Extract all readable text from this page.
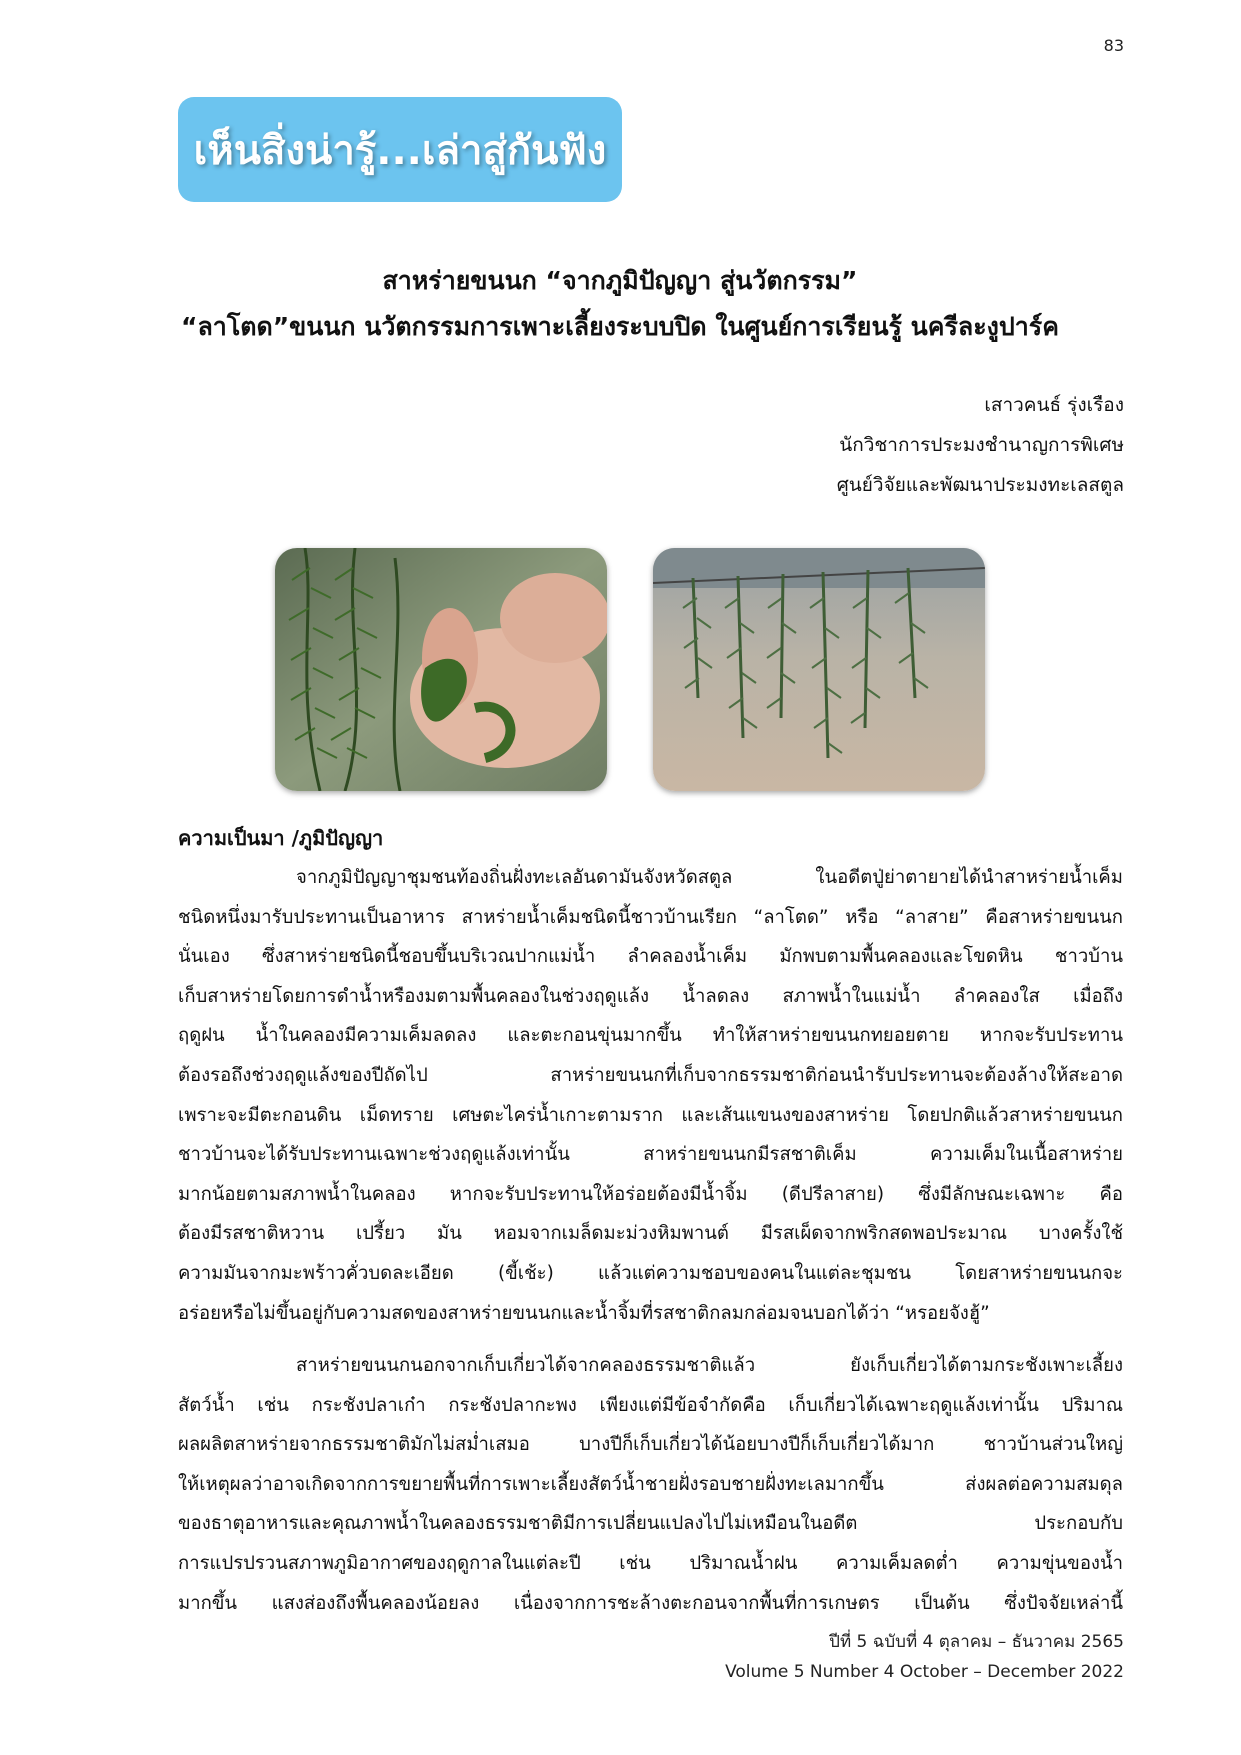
83
เห็นสิ่งน่ารู้...เล่าสู่กันฟัง
สาหร่ายขนนก “จากภูมิปัญญา สู่นวัตกรรม”
“ลาโตด”ขนนก นวัตกรรมการเพาะเลี้ยงระบบปิด ในศูนย์การเรียนรู้ นครีละงูปาร์ค
เสาวคนธ์ รุ่งเรือง
นักวิชาการประมงชำนาญการพิเศษ
ศูนย์วิจัยและพัฒนาประมงทะเลสตูล
ความเป็นมา /ภูมิปัญญา
จากภูมิปัญญาชุมชนท้องถิ่นฝั่งทะเลอันดามันจังหวัดสตูล ในอดีตปู่ย่าตายายได้นำสาหร่ายน้ำเค็ม
ชนิดหนึ่งมารับประทานเป็นอาหาร สาหร่ายน้ำเค็มชนิดนี้ชาวบ้านเรียก “ลาโตด” หรือ “ลาสาย” คือสาหร่ายขนนก
นั่นเอง ซึ่งสาหร่ายชนิดนี้ชอบขึ้นบริเวณปากแม่น้ำ ลำคลองน้ำเค็ม มักพบตามพื้นคลองและโขดหิน ชาวบ้าน
เก็บสาหร่ายโดยการดำน้ำหรืองมตามพื้นคลองในช่วงฤดูแล้ง น้ำลดลง สภาพน้ำในแม่น้ำ ลำคลองใส เมื่อถึง
ฤดูฝน น้ำในคลองมีความเค็มลดลง และตะกอนขุ่นมากขึ้น ทำให้สาหร่ายขนนกทยอยตาย หากจะรับประทาน
ต้องรอถึงช่วงฤดูแล้งของปีถัดไป สาหร่ายขนนกที่เก็บจากธรรมชาติก่อนนำรับประทานจะต้องล้างให้สะอาด
เพราะจะมีตะกอนดิน เม็ดทราย เศษตะไคร่น้ำเกาะตามราก และเส้นแขนงของสาหร่าย โดยปกติแล้วสาหร่ายขนนก
ชาวบ้านจะได้รับประทานเฉพาะช่วงฤดูแล้งเท่านั้น สาหร่ายขนนกมีรสชาติเค็ม ความเค็มในเนื้อสาหร่าย
มากน้อยตามสภาพน้ำในคลอง หากจะรับประทานให้อร่อยต้องมีน้ำจิ้ม (ดีปรีลาสาย) ซึ่งมีลักษณะเฉพาะ คือ
ต้องมีรสชาติหวาน เปรี้ยว มัน หอมจากเมล็ดมะม่วงหิมพานต์ มีรสเผ็ดจากพริกสดพอประมาณ บางครั้งใช้
ความมันจากมะพร้าวคั่วบดละเอียด (ขี้เช้ะ) แล้วแต่ความชอบของคนในแต่ละชุมชน โดยสาหร่ายขนนกจะ
อร่อยหรือไม่ขึ้นอยู่กับความสดของสาหร่ายขนนกและน้ำจิ้มที่รสชาติกลมกล่อมจนบอกได้ว่า “หรอยจังฮู้”
สาหร่ายขนนกนอกจากเก็บเกี่ยวได้จากคลองธรรมชาติแล้ว ยังเก็บเกี่ยวได้ตามกระชังเพาะเลี้ยง
สัตว์น้ำ เช่น กระชังปลาเก๋า กระชังปลากะพง เพียงแต่มีข้อจำกัดคือ เก็บเกี่ยวได้เฉพาะฤดูแล้งเท่านั้น ปริมาณ
ผลผลิตสาหร่ายจากธรรมชาติมักไม่สม่ำเสมอ บางปีก็เก็บเกี่ยวได้น้อยบางปีก็เก็บเกี่ยวได้มาก ชาวบ้านส่วนใหญ่
ให้เหตุผลว่าอาจเกิดจากการขยายพื้นที่การเพาะเลี้ยงสัตว์น้ำชายฝั่งรอบชายฝั่งทะเลมากขึ้น ส่งผลต่อความสมดุล
ของธาตุอาหารและคุณภาพน้ำในคลองธรรมชาติมีการเปลี่ยนแปลงไปไม่เหมือนในอดีต ประกอบกับ
การแปรปรวนสภาพภูมิอากาศของฤดูกาลในแต่ละปี เช่น ปริมาณน้ำฝน ความเค็มลดต่ำ ความขุ่นของน้ำ
มากขึ้น แสงส่องถึงพื้นคลองน้อยลง เนื่องจากการชะล้างตะกอนจากพื้นที่การเกษตร เป็นต้น ซึ่งปัจจัยเหล่านี้
ปีที่ 5 ฉบับที่ 4 ตุลาคม – ธันวาคม 2565
Volume 5 Number 4 October – December 2022
